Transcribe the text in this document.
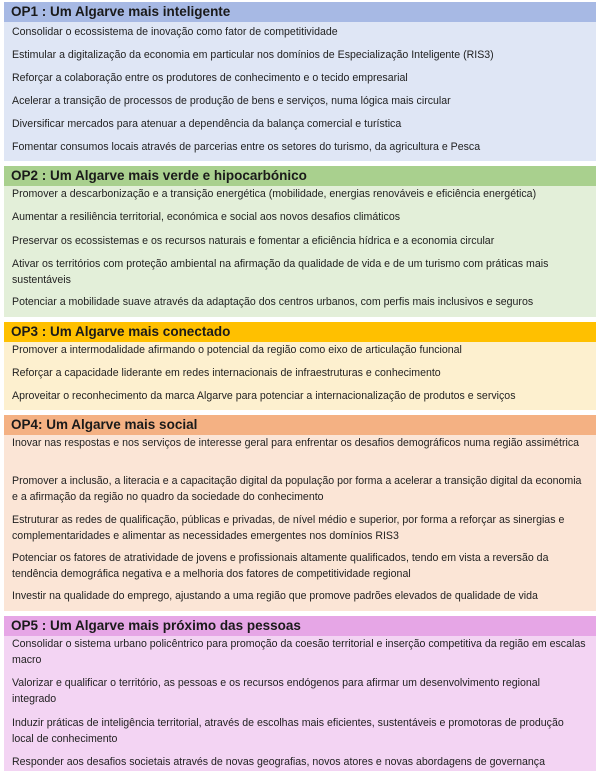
OP1 : Um Algarve mais inteligente
Consolidar o ecossistema de inovação como fator de competitividade
Estimular a digitalização da economia em particular nos domínios de Especialização Inteligente (RIS3)
Reforçar a colaboração entre os produtores de conhecimento e o tecido empresarial
Acelerar a transição de processos de produção de bens e serviços, numa lógica mais circular
Diversificar mercados para atenuar a dependência da balança comercial e turística
Fomentar consumos locais através de parcerias entre os setores do turismo, da agricultura e Pesca
OP2 : Um Algarve mais verde e hipocarbónico
Promover a descarbonização e a transição energética (mobilidade, energias renováveis e eficiência energética)
Aumentar a resiliência territorial, económica e social aos novos desafios climáticos
Preservar os ecossistemas e os recursos naturais e fomentar a eficiência hídrica e a economia circular
Ativar os territórios com proteção ambiental na afirmação da qualidade de vida e de um turismo com práticas mais sustentáveis
Potenciar a mobilidade suave através da adaptação dos centros urbanos, com perfis mais inclusivos e seguros
OP3 : Um Algarve mais conectado
Promover a intermodalidade afirmando o potencial da região como eixo de articulação funcional
Reforçar a capacidade liderante em redes internacionais de infraestruturas e conhecimento
Aproveitar o reconhecimento da marca Algarve para potenciar a internacionalização de produtos e serviços
OP4: Um Algarve mais social
Inovar nas respostas e nos serviços de interesse geral para enfrentar os desafios demográficos numa região assimétrica
Promover a inclusão, a literacia e a capacitação digital da população por forma a acelerar a transição digital da economia e a afirmação da região no quadro da sociedade do conhecimento
Estruturar as redes de qualificação, públicas e privadas, de nível médio e superior, por forma a reforçar as sinergias e complementaridades e alimentar as necessidades emergentes nos domínios RIS3
Potenciar os fatores de atratividade de jovens e profissionais altamente qualificados, tendo em vista a reversão da tendência demográfica negativa e a melhoria dos fatores de competitividade regional
Investir na qualidade do emprego, ajustando a uma região que promove padrões elevados de qualidade de vida
OP5 : Um Algarve mais próximo das pessoas
Consolidar o sistema urbano policêntrico para promoção da coesão territorial e inserção competitiva da região em escalas macro
Valorizar e qualificar o território, as pessoas e os recursos endógenos para afirmar um desenvolvimento regional integrado
Induzir práticas de inteligência territorial, através de escolhas mais eficientes, sustentáveis e promotoras de produção local de conhecimento
Responder aos desafios societais através de novas geografias, novos atores e novas abordagens de governança
